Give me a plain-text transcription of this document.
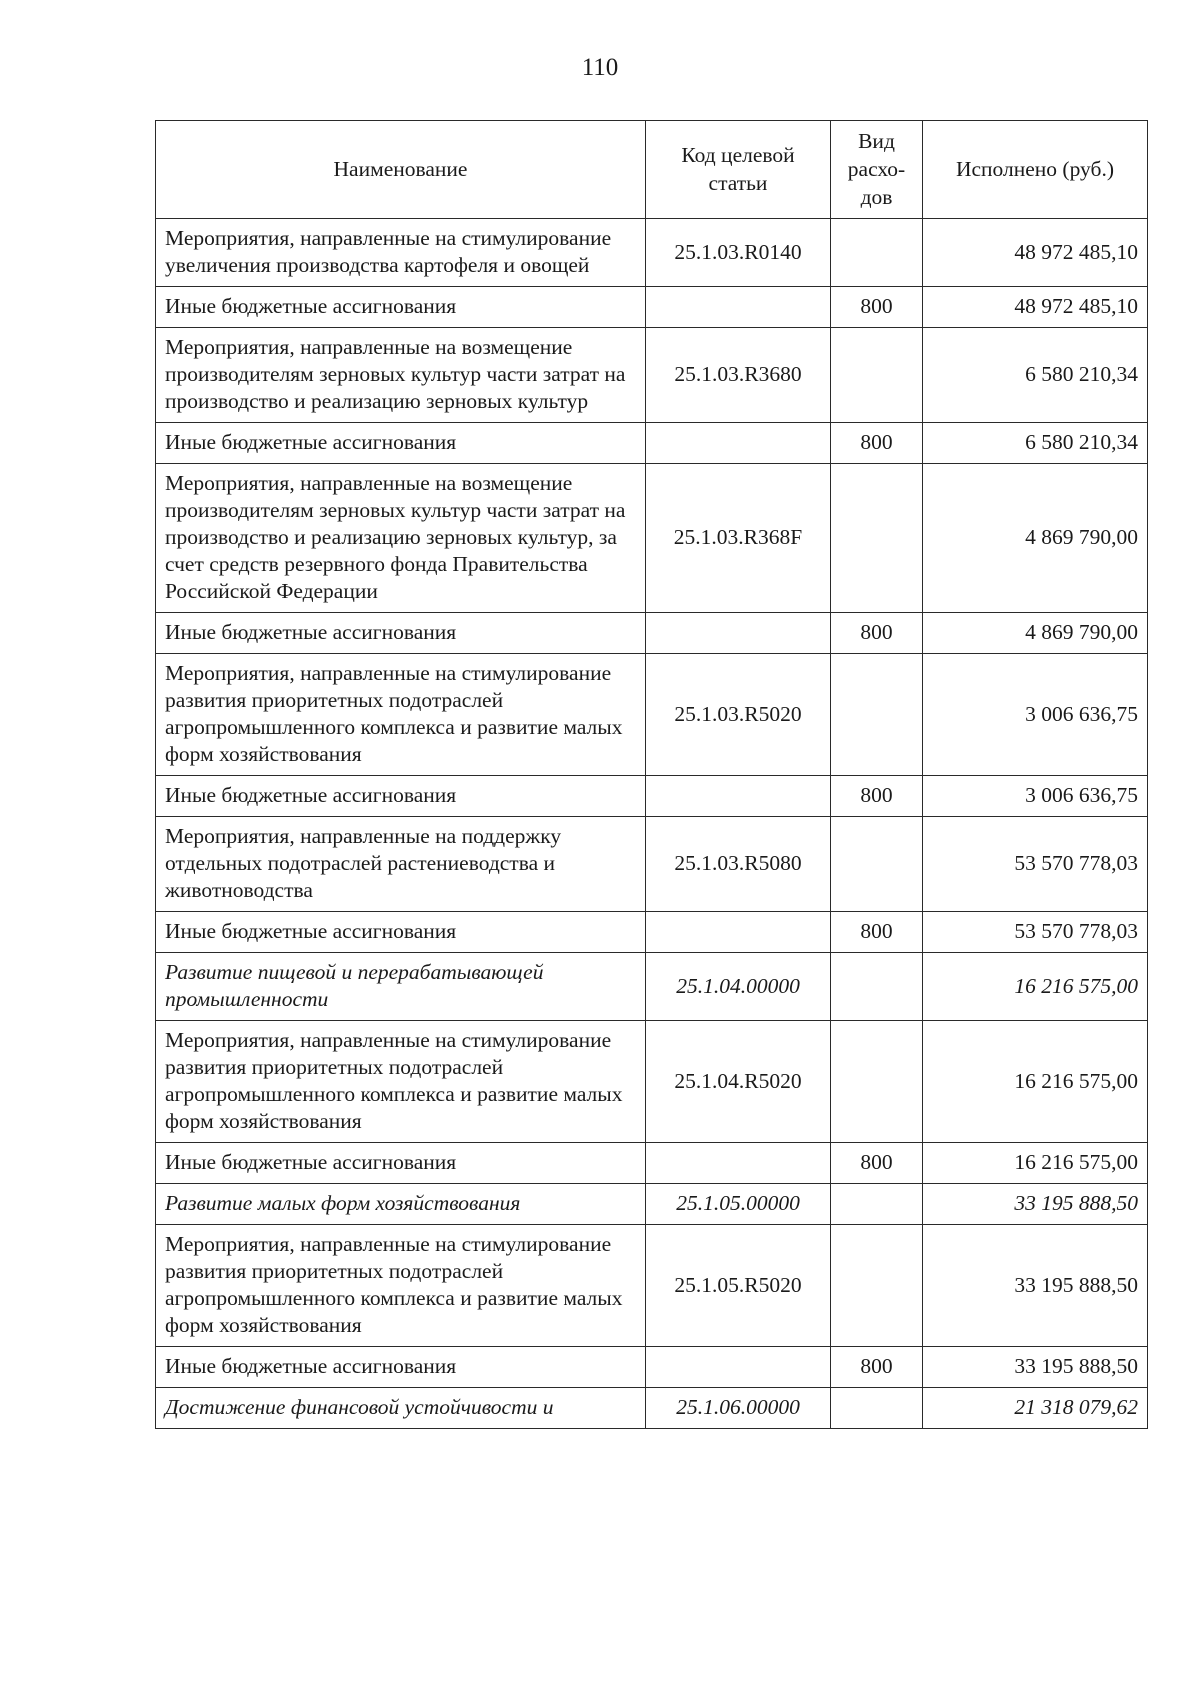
110
Наименование	Код целевой статьи	Вид расхо-дов	Исполнено (руб.)
Мероприятия, направленные на стимулирование увеличения производства картофеля и овощей	25.1.03.R0140		48 972 485,10
Иные бюджетные ассигнования		800	48 972 485,10
Мероприятия, направленные на возмещение производителям зерновых культур части затрат на производство и реализацию зерновых культур	25.1.03.R3680		6 580 210,34
Иные бюджетные ассигнования		800	6 580 210,34
Мероприятия, направленные на возмещение производителям зерновых культур части затрат на производство и реализацию зерновых культур, за счет средств резервного фонда Правительства Российской Федерации	25.1.03.R368F		4 869 790,00
Иные бюджетные ассигнования		800	4 869 790,00
Мероприятия, направленные на стимулирование развития приоритетных подотраслей агропромышленного комплекса и развитие малых форм хозяйствования	25.1.03.R5020		3 006 636,75
Иные бюджетные ассигнования		800	3 006 636,75
Мероприятия, направленные на поддержку отдельных подотраслей растениеводства и животноводства	25.1.03.R5080		53 570 778,03
Иные бюджетные ассигнования		800	53 570 778,03
Развитие пищевой и перерабатывающей промышленности	25.1.04.00000		16 216 575,00
Мероприятия, направленные на стимулирование развития приоритетных подотраслей агропромышленного комплекса и развитие малых форм хозяйствования	25.1.04.R5020		16 216 575,00
Иные бюджетные ассигнования		800	16 216 575,00
Развитие малых форм хозяйствования	25.1.05.00000		33 195 888,50
Мероприятия, направленные на стимулирование развития приоритетных подотраслей агропромышленного комплекса и развитие малых форм хозяйствования	25.1.05.R5020		33 195 888,50
Иные бюджетные ассигнования		800	33 195 888,50
Достижение финансовой устойчивости и	25.1.06.00000		21 318 079,62
